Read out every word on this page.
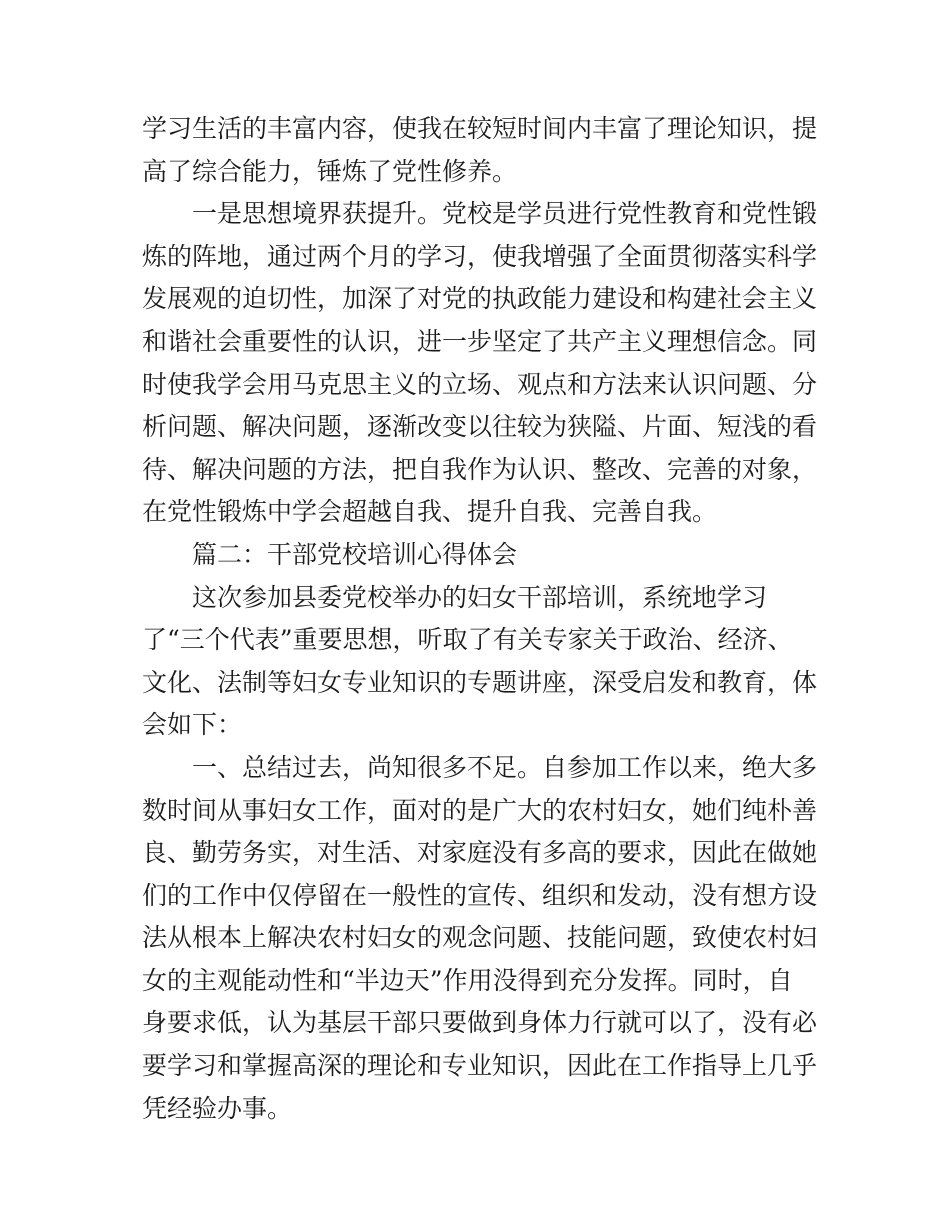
学习生活的丰富内容，使我在较短时间内丰富了理论知识，提
高了综合能力，锤炼了党性修养。
一是思想境界获提升。党校是学员进行党性教育和党性锻
炼的阵地，通过两个月的学习，使我增强了全面贯彻落实科学
发展观的迫切性，加深了对党的执政能力建设和构建社会主义
和谐社会重要性的认识，进一步坚定了共产主义理想信念。同
时使我学会用马克思主义的立场、观点和方法来认识问题、分
析问题、解决问题，逐渐改变以往较为狭隘、片面、短浅的看
待、解决问题的方法，把自我作为认识、整改、完善的对象，
在党性锻炼中学会超越自我、提升自我、完善自我。
篇二：干部党校培训心得体会
这次参加县委党校举办的妇女干部培训，系统地学习
了“三个代表”重要思想，听取了有关专家关于政治、经济、
文化、法制等妇女专业知识的专题讲座，深受启发和教育，体
会如下：
一、总结过去，尚知很多不足。自参加工作以来，绝大多
数时间从事妇女工作，面对的是广大的农村妇女，她们纯朴善
良、勤劳务实，对生活、对家庭没有多高的要求，因此在做她
们的工作中仅停留在一般性的宣传、组织和发动，没有想方设
法从根本上解决农村妇女的观念问题、技能问题，致使农村妇
女的主观能动性和“半边天”作用没得到充分发挥。同时，自
身要求低，认为基层干部只要做到身体力行就可以了，没有必
要学习和掌握高深的理论和专业知识，因此在工作指导上几乎
凭经验办事。
